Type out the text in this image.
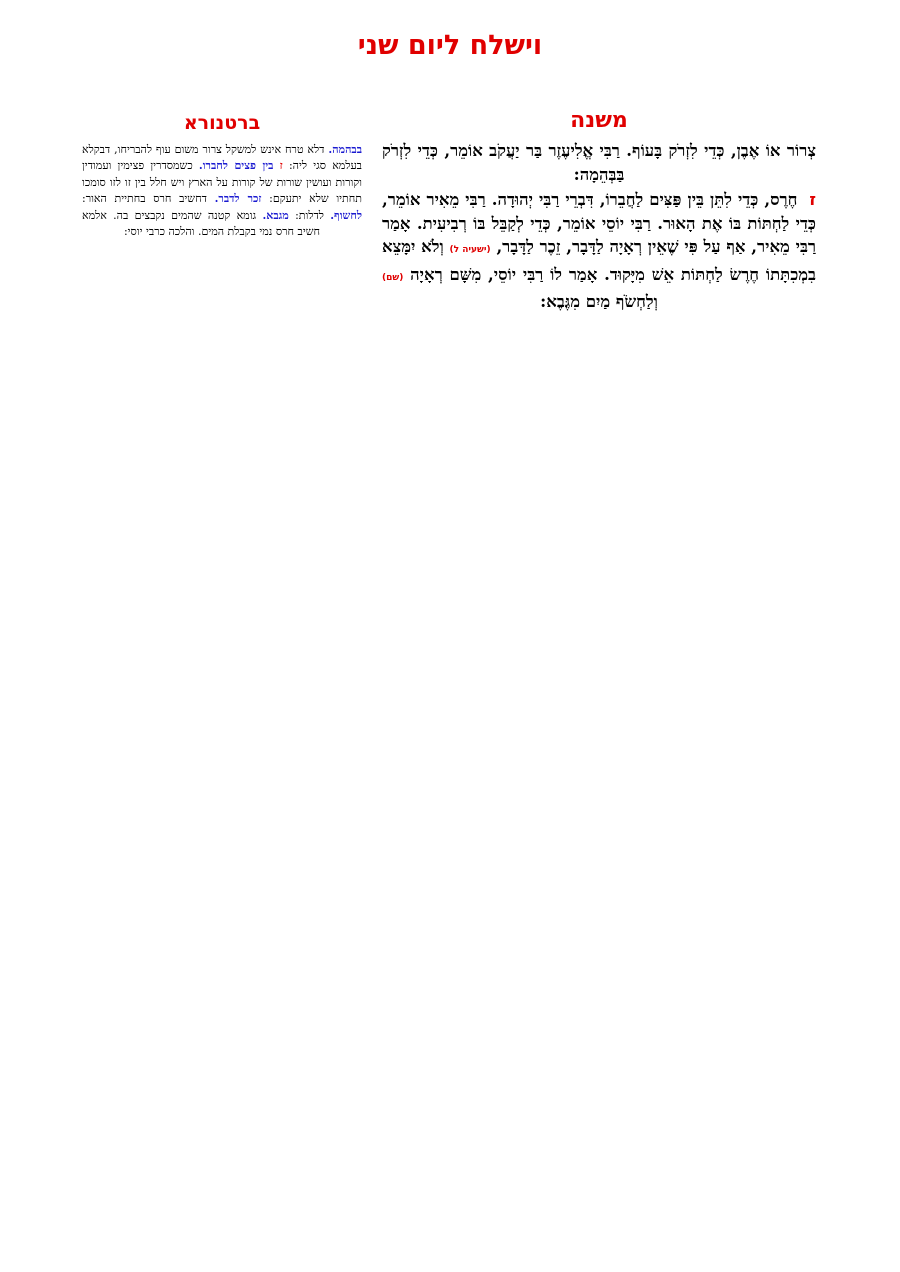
וישלח ליום שני
משנה

צְרוֹר אוֹ אֶבֶן, כְּדֵי לִזְרֹק בָּעוֹף. רַבִּי אֱלִיעֶזֶר בַּר יַעֲקֹב אוֹמֵר, כְּדֵי לִזְרֹק בַּבְּהֵמָה:

זחֶרֶס, כְּדֵי לִתֵּן בֵּין פַּצִּים לַחֲבֵרוֹ, דִּבְרֵי רַבִּי יְהוּדָה. רַבִּי מֵאִיר אוֹמֵר, כְּדֵי לַחְתּוֹת בּוֹ אֶת הָאוּר. רַבִּי יוֹסֵי אוֹמֵר, כְּדֵי לְקַבֵּל בּוֹ רְבִיעִית. אָמַר רַבִּי מֵאִיר, אַף עַל פִּי שֶׁאֵין רְאָיָה לַדָּבָר, זֵכֶר לַדָּבָר, (ישעיה ל) וְלֹא יִמָּצֵא בִמְכִתָּתוֹ חֶרֶשׂ לַחְתּוֹת אֵשׁ מִיָּקוּד. אָמַר לוֹ רַבִּי יוֹסֵי, מִשָּׁם רְאָיָה (שם) וְלַחְשֹׂף מַיִם מִגֶּבֶא:

ברטנורא
בבהמה. דלא טרח אינש למשקל צרור משום עוף להבריחו, דבקלא בעלמא סגי ליה: ז בין פצים לחברו. כשמסדרין פצימין ועמודין וקורות ועושין שורות של קורות על הארץ ויש חלל בין זו לזו סומכו תחתיו שלא יתעקם: זכר לדבר. דחשיב חרס בחתיית האור: לחשוף. לדלות: מגבא. גומא קטנה שהמים נקבצים בה. אלמא חשיב חרס נמי בקבלת המים. והלכה כרבי יוסי:
